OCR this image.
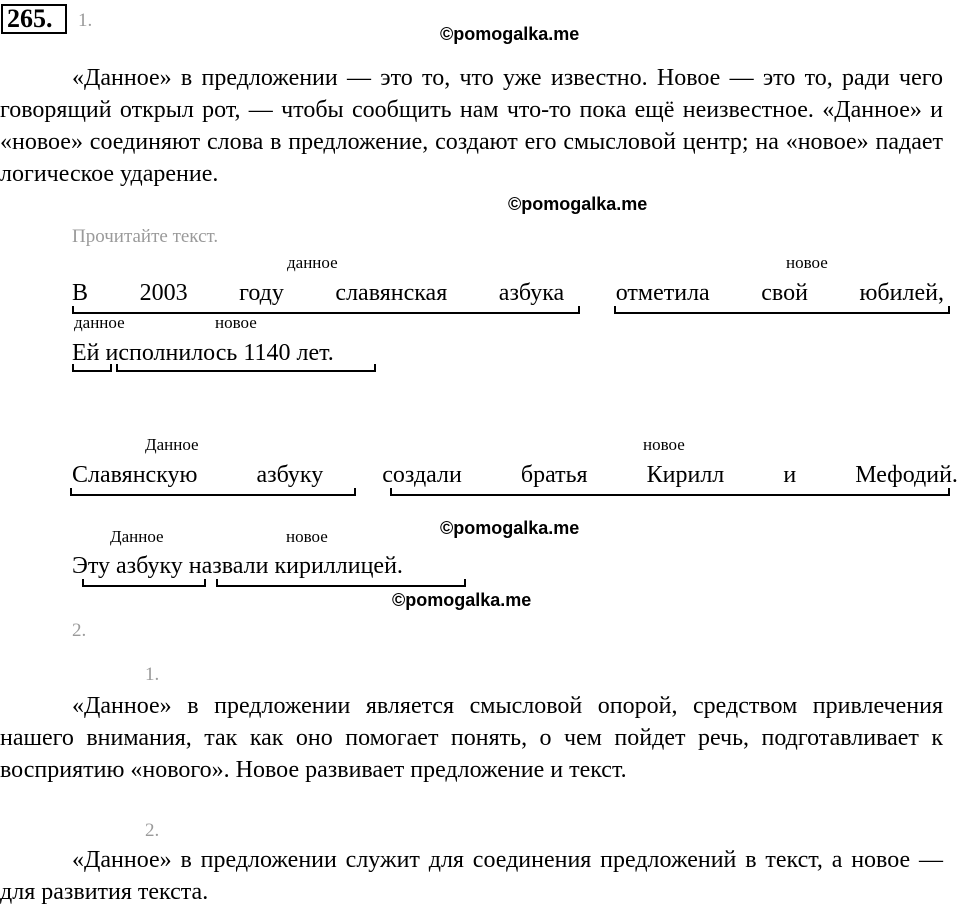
265.	1.
©pomogalka.me
«Данное» в предложении — это то, что уже известно. Новое — это то, ради чего говорящий открыл рот, — чтобы сообщить нам что-то пока ещё неизвестное. «Данное» и «новое» соединяют слова в предложение, создают его смысловой центр; на «новое» падает логическое ударение.
©pomogalka.me
Прочитайте текст.
данное	новое
В 2003 году славянская азбука отметила свой юбилей,
данное	новое
Ей исполнилось 1140 лет.
Данное	новое
Славянскую азбуку создали братья Кирилл и Мефодий.
Данное	новое	©pomogalka.me
Эту азбуку назвали кириллицей.
©pomogalka.me
2.
1.
«Данное» в предложении является смысловой опорой, средством привлечения нашего внимания, так как оно помогает понять, о чем пойдет речь, подготавливает к восприятию «нового». Новое развивает предложение и текст.
2.
«Данное» в предложении служит для соединения предложений в текст, а новое — для развития текста.
